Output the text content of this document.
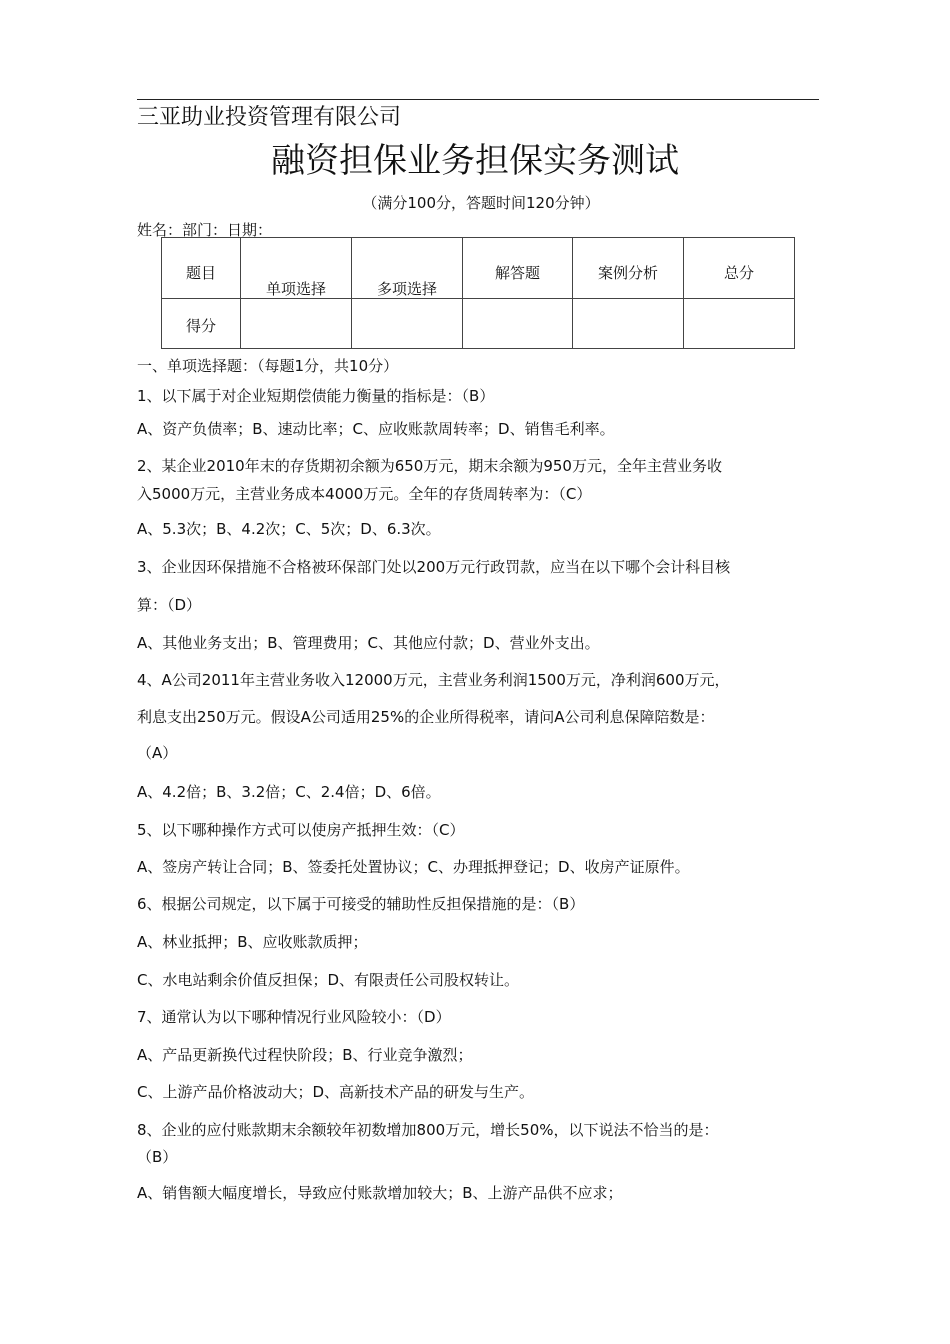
三亚助业投资管理有限公司
融资担保业务担保实务测试
（满分100分，答题时间120分钟）
姓名：部门：日期：
题目	单项选择	多项选择	解答题	案例分析	总分

得分					

一、单项选择题：（每题1分，共10分）
1、以下属于对企业短期偿债能力衡量的指标是：（B）
A、资产负债率；B、速动比率；C、应收账款周转率；D、销售毛利率。
2、某企业2010年末的存货期初余额为650万元，期末余额为950万元，全年主营业务收
入5000万元，主营业务成本4000万元。全年的存货周转率为：（C）
A、5.3次；B、4.2次；C、5次；D、6.3次。
3、企业因环保措施不合格被环保部门处以200万元行政罚款，应当在以下哪个会计科目核
算：（D）
A、其他业务支出；B、管理费用；C、其他应付款；D、营业外支出。
4、A公司2011年主营业务收入12000万元，主营业务利润1500万元，净利润600万元，
利息支出250万元。假设A公司适用25%的企业所得税率，请问A公司利息保障陪数是：
（A）
A、4.2倍；B、3.2倍；C、2.4倍；D、6倍。
5、以下哪种操作方式可以使房产抵押生效：（C）
A、签房产转让合同；B、签委托处置协议；C、办理抵押登记；D、收房产证原件。
6、根据公司规定，以下属于可接受的辅助性反担保措施的是：（B）
A、林业抵押；B、应收账款质押；
C、水电站剩余价值反担保；D、有限责任公司股权转让。
7、通常认为以下哪种情况行业风险较小：（D）
A、产品更新换代过程快阶段；B、行业竞争激烈；
C、上游产品价格波动大；D、高新技术产品的研发与生产。
8、企业的应付账款期末余额较年初数增加800万元，增长50%，以下说法不恰当的是：
（B）
A、销售额大幅度增长，导致应付账款增加较大；B、上游产品供不应求；
